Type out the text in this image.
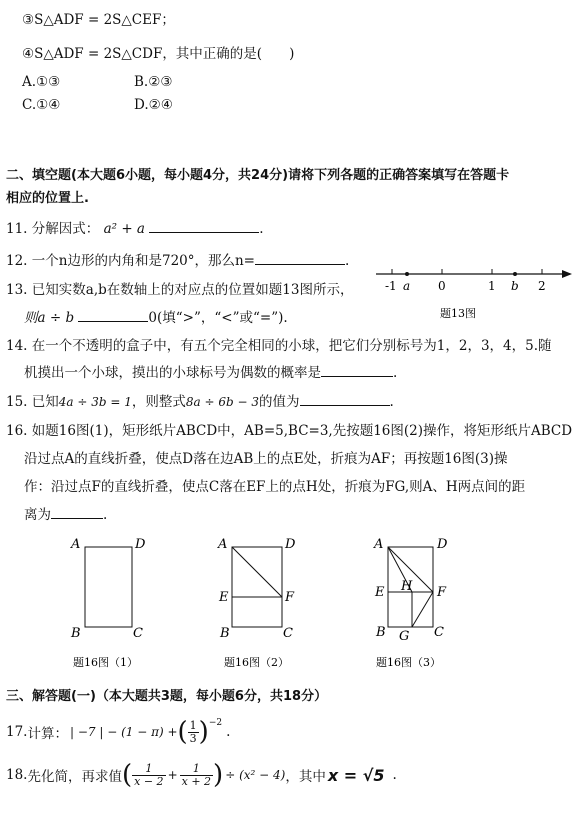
③S△ADF = 2S△CEF；
④S△ADF = 2S△CDF，其中正确的是(　　)
A.①③	B.②③
C.①④	D.②④
二、填空题(本大题6小题，每小题4分，共24分)请将下列各题的正确答案填写在答题卡
相应的位置上.
11. 分解因式： a² + a	.
12. 一个n边形的内角和是720°，那么n=	.
13. 已知实数a,b在数轴上的对应点的位置如题13图所示，
则a ÷ b	0(填“>”，“<”或“=”).
-1 a 0	1 b 2
题13图
14. 在一个不透明的盒子中，有五个完全相同的小球，把它们分别标号为1，2，3，4，5.随
机摸出一个小球，摸出的小球标号为偶数的概率是	.
15. 已知4a ÷ 3b = 1，则整式8a ÷ 6b − 3的值为	.
16. 如题16图(1)，矩形纸片ABCD中，AB=5,BC=3,先按题16图(2)操作，将矩形纸片ABCD
沿过点A的直线折叠，使点D落在边AB上的点E处，折痕为AF；再按题16图(3)操
作：沿过点F的直线折叠，使点C落在EF上的点H处，折痕为FG,则A、H两点间的距
离为	.
A	D
B	C
题16图（1）
A	D
E	F
B	C
题16图（2）
A	D
E H F
B G C
题16图（3）
三、解答题(一)（本大题共3题，每小题6分，共18分）
17. 计算： | −7 | − (1 − π) + ( $\frac{1}{3}$ ) −2
.
18. 先化简，再求值 ( $\frac{1}{x - 2} + \frac{1}{x + 2}$ ) ÷ (x² − 4) ，其中 x = √5 .
